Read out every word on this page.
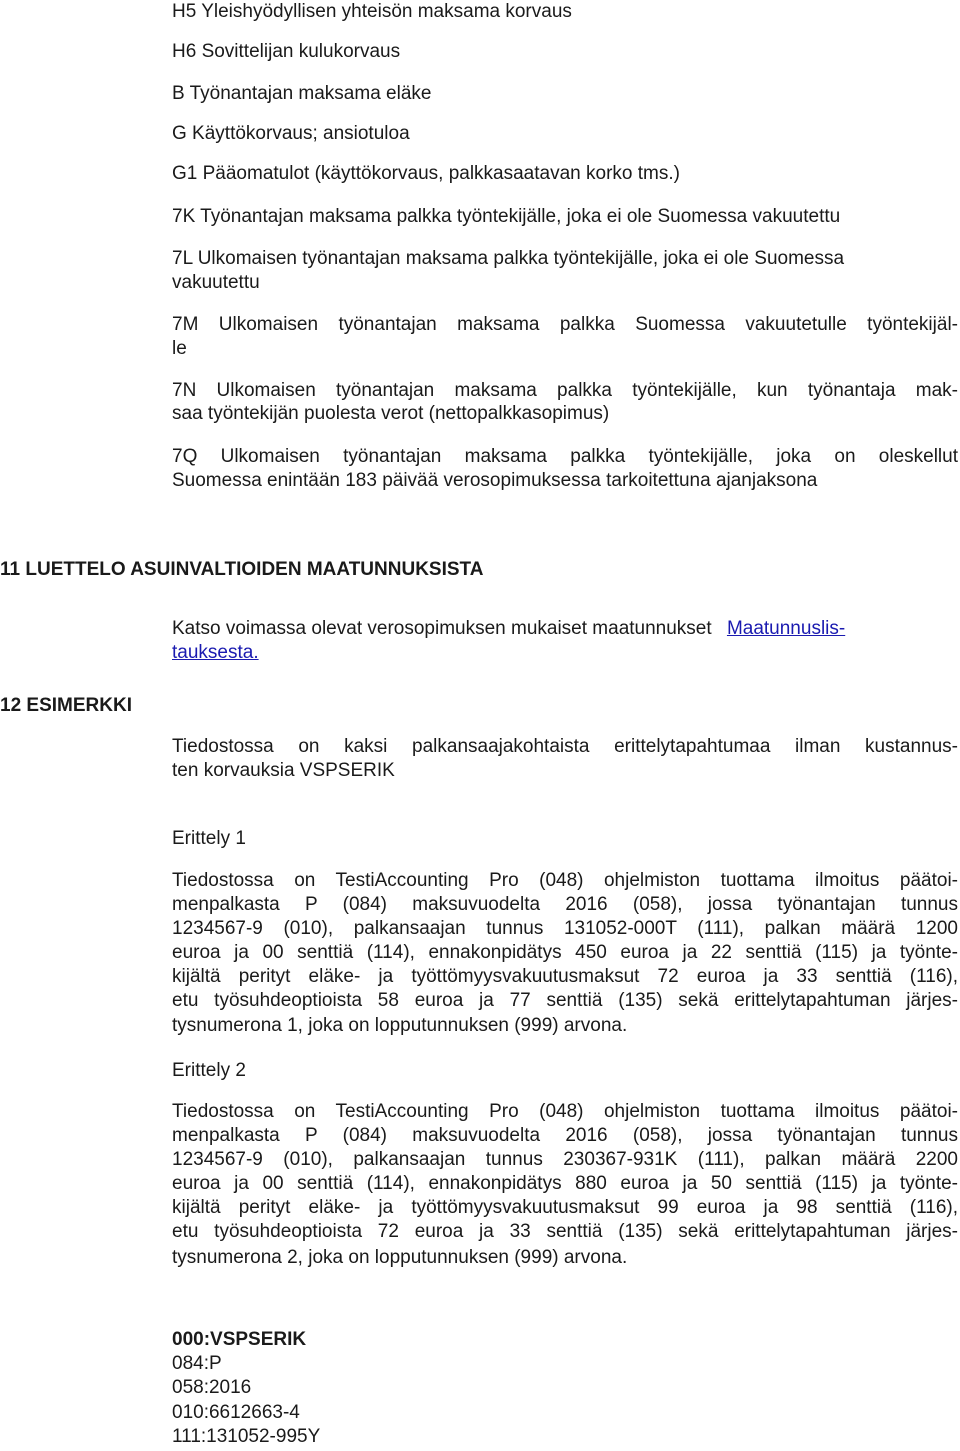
H5 Yleishyödyllisen yhteisön maksama korvaus
H6 Sovittelijan kulukorvaus
B Työnantajan maksama eläke
G Käyttökorvaus; ansiotuloa
G1 Pääomatulot (käyttökorvaus, palkkasaatavan korko tms.)
7K Työnantajan maksama palkka työntekijälle, joka ei ole Suomessa vakuutettu
7L Ulkomaisen työnantajan maksama palkka työntekijälle, joka ei ole Suomessa
vakuutettu
7M Ulkomaisen työnantajan maksama palkka Suomessa vakuutetulle työntekijäl-
le
7N Ulkomaisen työnantajan maksama palkka työntekijälle, kun työnantaja mak-
saa työntekijän puolesta verot (nettopalkkasopimus)
7Q Ulkomaisen työnantajan maksama palkka työntekijälle, joka on oleskellut
Suomessa enintään 183 päivää verosopimuksessa tarkoitettuna ajanjaksona
11 LUETTELO ASUINVALTIOIDEN MAATUNNUKSISTA
Katso voimassa olevat verosopimuksen mukaiset maatunnukset Maatunnuslis-
tauksesta.
12 ESIMERKKI
Tiedostossa on kaksi palkansaajakohtaista erittelytapahtumaa ilman kustannus-
ten korvauksia VSPSERIK
Erittely 1
Tiedostossa on TestiAccounting Pro (048) ohjelmiston tuottama ilmoitus päätoi-
menpalkasta P (084) maksuvuodelta 2016 (058), jossa työnantajan tunnus
1234567-9 (010), palkansaajan tunnus 131052-000T (111), palkan määrä 1200
euroa ja 00 senttiä (114), ennakonpidätys 450 euroa ja 22 senttiä (115) ja työnte-
kijältä perityt eläke- ja työttömyysvakuutusmaksut 72 euroa ja 33 senttiä (116),
etu työsuhdeoptioista 58 euroa ja 77 senttiä (135) sekä erittelytapahtuman järjes-
tysnumerona 1, joka on lopputunnuksen (999) arvona.
Erittely 2
Tiedostossa on TestiAccounting Pro (048) ohjelmiston tuottama ilmoitus päätoi-
menpalkasta P (084) maksuvuodelta 2016 (058), jossa työnantajan tunnus
1234567-9 (010), palkansaajan tunnus 230367-931K (111), palkan määrä 2200
euroa ja 00 senttiä (114), ennakonpidätys 880 euroa ja 50 senttiä (115) ja työnte-
kijältä perityt eläke- ja työttömyysvakuutusmaksut 99 euroa ja 98 senttiä (116),
etu työsuhdeoptioista 72 euroa ja 33 senttiä (135) sekä erittelytapahtuman järjes-
tysnumerona 2, joka on lopputunnuksen (999) arvona.
000:VSPSERIK
084:P
058:2016
010:6612663-4
111:131052-995Y
